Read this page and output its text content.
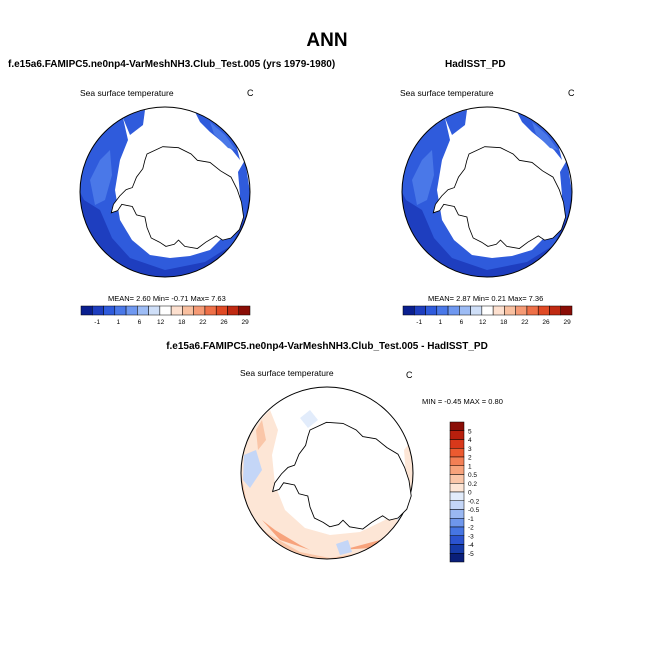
ANN
f.e15a6.FAMIPC5.ne0np4-VarMeshNH3.Club_Test.005 (yrs 1979-1980)	HadISST_PD
f.e15a6.FAMIPC5.ne0np4-VarMeshNH3.Club_Test.005 - HadISST_PD
Sea surface temperature	C	Sea surface temperature	C
Sea surface temperature	C
MEAN= 2.60 Min= -0.71 Max= 7.63	MEAN= 2.87 Min= 0.21 Max= 7.36
MIN = -0.45 MAX = 0.80
-1	1	6 12 18 22 26 29	-1	1	6 12 18 22 26 29
5
4
3
2
1
0.5
0.2
0
-0.2
-0.5
-1
-2
-3
-4
-5
